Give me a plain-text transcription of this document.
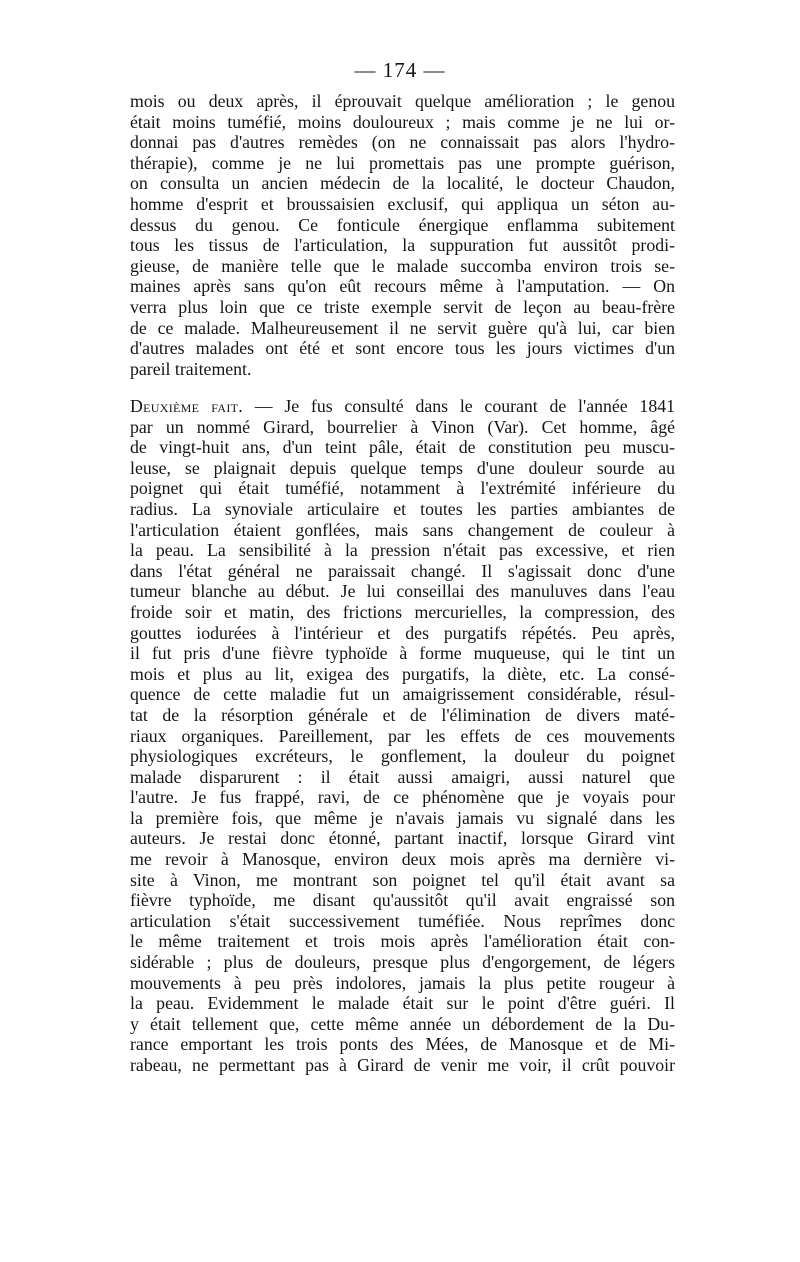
— 174 —
mois ou deux après, il éprouvait quelque amélioration ; le genou
était moins tuméfié, moins douloureux ; mais comme je ne lui or-
donnai pas d'autres remèdes (on ne connaissait pas alors l'hydro-
thérapie), comme je ne lui promettais pas une prompte guérison,
on consulta un ancien médecin de la localité, le docteur Chaudon,
homme d'esprit et broussaisien exclusif, qui appliqua un séton au-
dessus du genou. Ce fonticule énergique enflamma subitement
tous les tissus de l'articulation, la suppuration fut aussitôt prodi-
gieuse, de manière telle que le malade succomba environ trois se-
maines après sans qu'on eût recours même à l'amputation. — On
verra plus loin que ce triste exemple servit de leçon au beau-frère
de ce malade. Malheureusement il ne servit guère qu'à lui, car bien
d'autres malades ont été et sont encore tous les jours victimes d'un
pareil traitement.
Deuxième fait. — Je fus consulté dans le courant de l'année 1841
par un nommé Girard, bourrelier à Vinon (Var). Cet homme, âgé
de vingt-huit ans, d'un teint pâle, était de constitution peu muscu-
leuse, se plaignait depuis quelque temps d'une douleur sourde au
poignet qui était tuméfié, notamment à l'extrémité inférieure du
radius. La synoviale articulaire et toutes les parties ambiantes de
l'articulation étaient gonflées, mais sans changement de couleur à
la peau. La sensibilité à la pression n'était pas excessive, et rien
dans l'état général ne paraissait changé. Il s'agissait donc d'une
tumeur blanche au début. Je lui conseillai des manuluves dans l'eau
froide soir et matin, des frictions mercurielles, la compression, des
gouttes iodurées à l'intérieur et des purgatifs répétés. Peu après,
il fut pris d'une fièvre typhoïde à forme muqueuse, qui le tint un
mois et plus au lit, exigea des purgatifs, la diète, etc. La consé-
quence de cette maladie fut un amaigrissement considérable, résul-
tat de la résorption générale et de l'élimination de divers maté-
riaux organiques. Pareillement, par les effets de ces mouvements
physiologiques excréteurs, le gonflement, la douleur du poignet
malade disparurent : il était aussi amaigri, aussi naturel que
l'autre. Je fus frappé, ravi, de ce phénomène que je voyais pour
la première fois, que même je n'avais jamais vu signalé dans les
auteurs. Je restai donc étonné, partant inactif, lorsque Girard vint
me revoir à Manosque, environ deux mois après ma dernière vi-
site à Vinon, me montrant son poignet tel qu'il était avant sa
fièvre typhoïde, me disant qu'aussitôt qu'il avait engraissé son
articulation s'était successivement tuméfiée. Nous reprîmes donc
le même traitement et trois mois après l'amélioration était con-
sidérable ; plus de douleurs, presque plus d'engorgement, de légers
mouvements à peu près indolores, jamais la plus petite rougeur à
la peau. Evidemment le malade était sur le point d'être guéri. Il
y était tellement que, cette même année un débordement de la Du-
rance emportant les trois ponts des Mées, de Manosque et de Mi-
rabeau, ne permettant pas à Girard de venir me voir, il crût pouvoir
